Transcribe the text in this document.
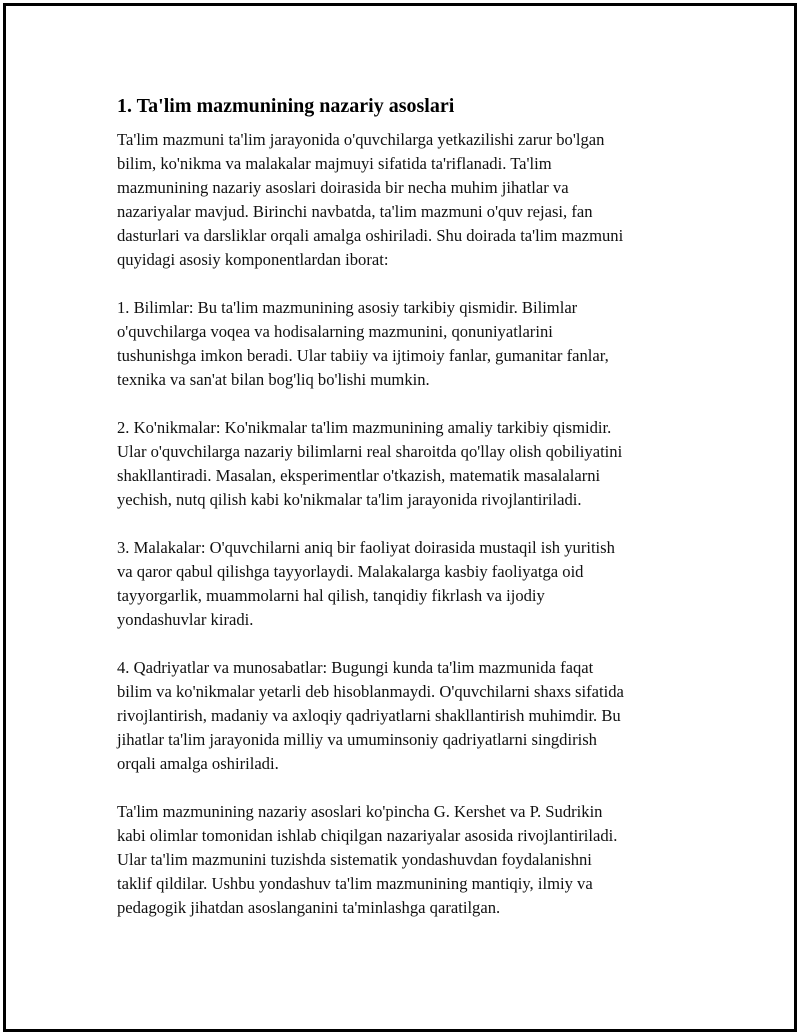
1. Ta'lim mazmunining nazariy asoslari

Ta'lim mazmuni ta'lim jarayonida o'quvchilarga yetkazilishi zarur bo'lgan
bilim, ko'nikma va malakalar majmuyi sifatida ta'riflanadi. Ta'lim
mazmunining nazariy asoslari doirasida bir necha muhim jihatlar va
nazariyalar mavjud. Birinchi navbatda, ta'lim mazmuni o'quv rejasi, fan
dasturlari va darsliklar orqali amalga oshiriladi. Shu doirada ta'lim mazmuni
quyidagi asosiy komponentlardan iborat:

1. Bilimlar: Bu ta'lim mazmunining asosiy tarkibiy qismidir. Bilimlar
o'quvchilarga voqea va hodisalarning mazmunini, qonuniyatlarini
tushunishga imkon beradi. Ular tabiiy va ijtimoiy fanlar, gumanitar fanlar,
texnika va san'at bilan bog'liq bo'lishi mumkin.

2. Ko'nikmalar: Ko'nikmalar ta'lim mazmunining amaliy tarkibiy qismidir.
Ular o'quvchilarga nazariy bilimlarni real sharoitda qo'llay olish qobiliyatini
shakllantiradi. Masalan, eksperimentlar o'tkazish, matematik masalalarni
yechish, nutq qilish kabi ko'nikmalar ta'lim jarayonida rivojlantiriladi.

3. Malakalar: O'quvchilarni aniq bir faoliyat doirasida mustaqil ish yuritish
va qaror qabul qilishga tayyorlaydi. Malakalarga kasbiy faoliyatga oid
tayyorgarlik, muammolarni hal qilish, tanqidiy fikrlash va ijodiy
yondashuvlar kiradi.

4. Qadriyatlar va munosabatlar: Bugungi kunda ta'lim mazmunida faqat
bilim va ko'nikmalar yetarli deb hisoblanmaydi. O'quvchilarni shaxs sifatida
rivojlantirish, madaniy va axloqiy qadriyatlarni shakllantirish muhimdir. Bu
jihatlar ta'lim jarayonida milliy va umuminsoniy qadriyatlarni singdirish
orqali amalga oshiriladi.

Ta'lim mazmunining nazariy asoslari ko'pincha G. Kershet va P. Sudrikin
kabi olimlar tomonidan ishlab chiqilgan nazariyalar asosida rivojlantiriladi.
Ular ta'lim mazmunini tuzishda sistematik yondashuvdan foydalanishni
taklif qildilar. Ushbu yondashuv ta'lim mazmunining mantiqiy, ilmiy va
pedagogik jihatdan asoslanganini ta'minlashga qaratilgan.
